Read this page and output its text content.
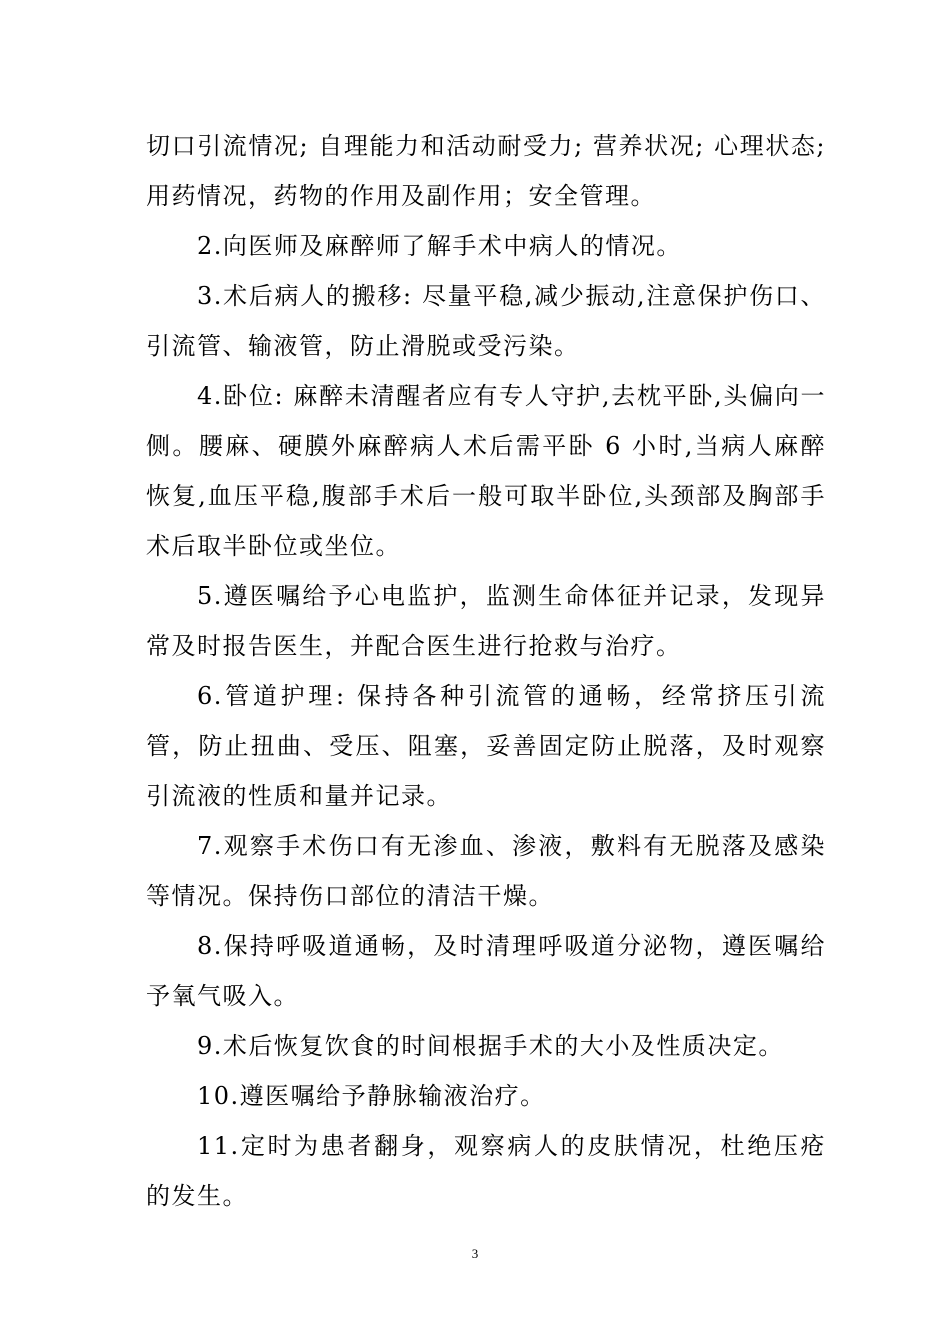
切口引流情况; 自理能力和活动耐受力; 营养状况; 心理状态; 用药情况，药物的作用及副作用；安全管理。

2.向医师及麻醉师了解手术中病人的情况。

3.术后病人的搬移: 尽量平稳,减少振动,注意保护伤口、引流管、输液管，防止滑脱或受污染。

4.卧位: 麻醉未清醒者应有专人守护,去枕平卧,头偏向一侧。腰麻、硬膜外麻醉病人术后需平卧 6 小时,当病人麻醉恢复,血压平稳,腹部手术后一般可取半卧位,头颈部及胸部手术后取半卧位或坐位。

5.遵医嘱给予心电监护，监测生命体征并记录，发现异常及时报告医生，并配合医生进行抢救与治疗。

6.管道护理: 保持各种引流管的通畅，经常挤压引流管，防止扭曲、受压、阻塞，妥善固定防止脱落，及时观察引流液的性质和量并记录。

7.观察手术伤口有无渗血、渗液，敷料有无脱落及感染等情况。保持伤口部位的清洁干燥。

8.保持呼吸道通畅，及时清理呼吸道分泌物，遵医嘱给予氧气吸入。

9.术后恢复饮食的时间根据手术的大小及性质决定。

10.遵医嘱给予静脉输液治疗。

11.定时为患者翻身，观察病人的皮肤情况，杜绝压疮的发生。

3
